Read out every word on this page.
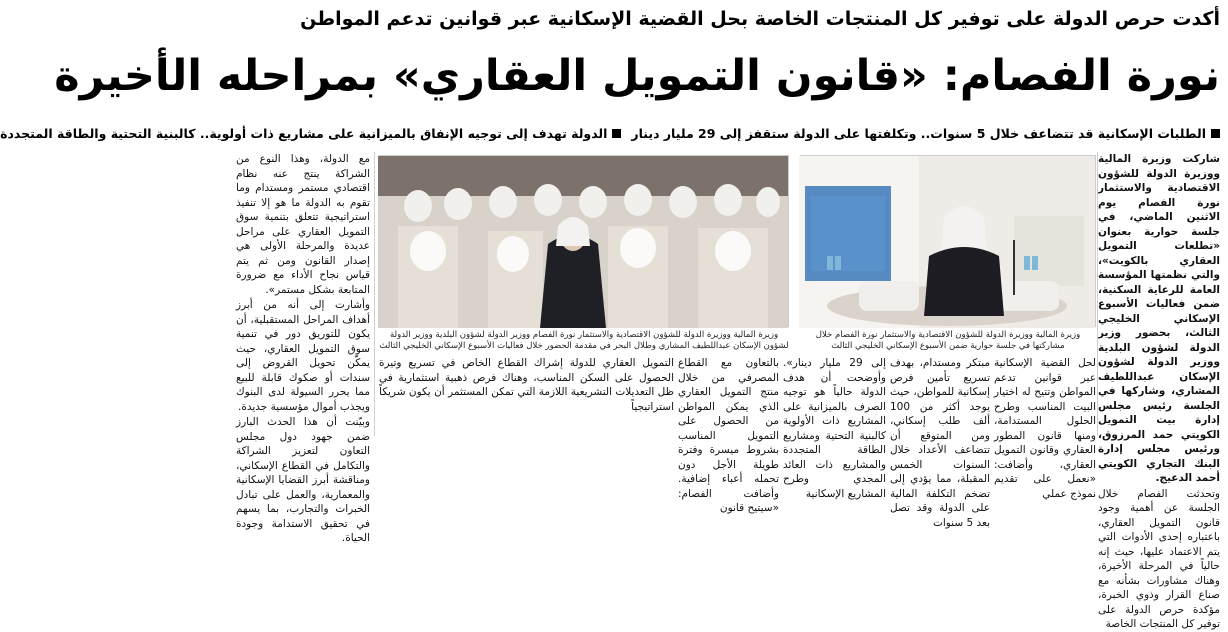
أكدت حرص الدولة على توفير كل المنتجات الخاصة بحل القضية الإسكانية عبر قوانين تدعم المواطن
نورة الفصام: «قانون التمويل العقاري» بمراحله الأخيرة
الطلبات الإسكانية قد تتضاعف خلال 5 سنوات.. وتكلفتها على الدولة ستقفز إلى 29 مليار دينار
الدولة تهدف إلى توجيه الإنفاق بالميزانية على مشاريع ذات أولوية.. كالبنية التحتية والطاقة المتجددة

شاركت وزيرة المالية ووزيرة الدولة للشؤون الاقتصادية والاستثمار نورة الفصام يوم الاثنين الماضي، في جلسة حوارية بعنوان «تطلعات التمويل العقاري بالكويت»، والتي نظمتها المؤسسة العامة للرعاية السكنية، ضمن فعاليات الأسبوع الإسكاني الخليجي الثالث، بحضور وزير الدولة لشؤون البلدية ووزير الدولة لشؤون الإسكان عبداللطيف المشاري، وشاركها في الجلسة رئيس مجلس إدارة بيت التمويل الكويتي حمد المرزوق، ورئيس مجلس إدارة البنك التجاري الكويتي أحمد الدعيج.

وتحدثت الفصام خلال الجلسة عن أهمية وجود قانون التمويل العقاري، باعتباره إحدى الأدوات التي يتم الاعتماد عليها، حيث إنه حالياً في المرحلة الأخيرة، وهناك مشاورات بشأنه مع صناع القرار وذوي الخبرة، مؤكدة حرص الدولة على توفير كل المنتجات الخاصة

وزيرة المالية ووزيرة الدولة للشؤون الاقتصادية والاستثمار نورة الفصام خلال مشاركتها في جلسة حوارية ضمن الأسبوع الإسكاني الخليجي الثالث
وزيرة المالية ووزيرة الدولة للشؤون الاقتصادية والاستثمار نورة الفصام ووزير الدولة لشؤون البلدية ووزير الدولة لشؤون الإسكان عبداللطيف المشاري وطلال البحر في مقدمة الحضور خلال فعاليات الأسبوع الإسكاني الخليجي الثالث

مع الدولة، وهذا النوع من الشراكة ينتج عنه نظام اقتصادي مستمر ومستدام وما تقوم به الدولة ما هو إلا تنفيذ استراتيجية تتعلق بتنمية سوق التمويل العقاري على مراحل عديدة والمرحلة الأولى هي إصدار القانون ومن ثم يتم قياس نجاح الأداء مع ضرورة المتابعة بشكل مستمر».

وأشارت إلى أنه من أبرز أهداف المراحل المستقبلية، أن يكون للتوريق دور في تنمية سوق التمويل العقاري، حيث يمكّن تحويل القروض إلى سندات أو صكوك قابلة للبيع مما يحرر السيولة لدى البنوك ويجذب أموال مؤسسية جديدة.

وبيّنت أن هذا الحدث البارز ضمن جهود دول مجلس التعاون لتعزيز الشراكة والتكامل في القطاع الإسكاني، ومناقشة أبرز القضايا الإسكانية والمعمارية، والعمل على تبادل الخبرات والتجارب، بما يسهم في تحقيق الاستدامة وجودة الحياة.

لحل القضية الإسكانية عبر قوانين تدعم المواطن وتتيح له اختيار البيت المناسب وطرح الحلول المستدامة، ومنها قانون المطور العقاري وقانون التمويل العقاري، وأضافت: «نعمل على تقديم نموذج عملي
مبتكر ومستدام، بهدف تسريع تأمين فرص إسكانية للمواطن، حيث يوجد أكثر من 100 ألف طلب إسكاني، ومن المتوقع أن تتضاعف الأعداد خلال السنوات الخمس المقبلة، مما يؤدي إلى تضخم التكلفة المالية على الدولة وقد تصل بعد 5 سنوات
إلى 29 مليار دينار». وأوضحت أن هدف الدولة حالياً هو توجيه الصرف بالميزانية على المشاريع ذات الأولوية كالبنية التحتية ومشاريع الطاقة المتجددة والمشاريع ذات العائد المجدي وطرح المشاريع الإسكانية
بالتعاون مع القطاع المصرفي من خلال منتج التمويل العقاري الذي يمكن المواطن من الحصول على التمويل المناسب بشروط ميسرة وفترة طويلة الأجل دون تحمله أعباء إضافية. وأضافت الفصام: «سيتيح قانون
التمويل العقاري للدولة إشراك القطاع الخاص في تسريع وتيرة الحصول على السكن المناسب، وهناك فرص ذهبية استثمارية في ظل التعديلات التشريعية اللازمة التي تمكن المستثمر أن يكون شريكاً استراتيجياً
